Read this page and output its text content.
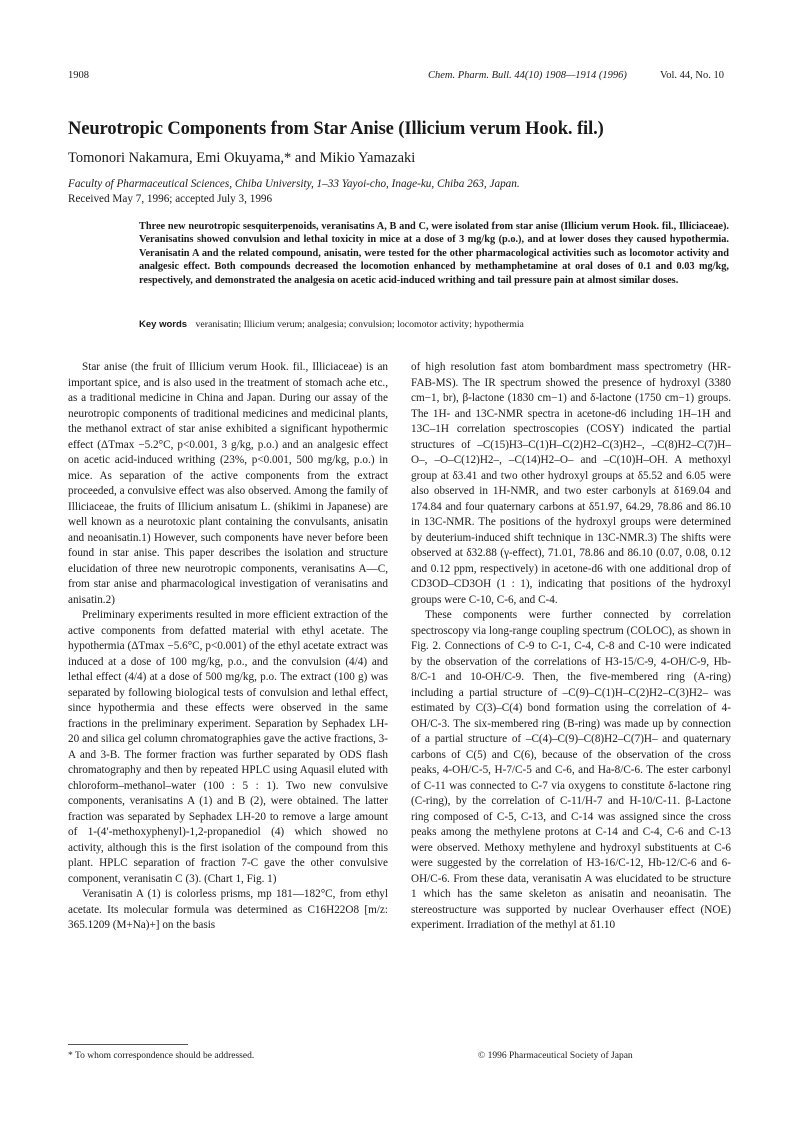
1908	Chem. Pharm. Bull. 44(10) 1908—1914 (1996)	Vol. 44, No. 10
Neurotropic Components from Star Anise (Illicium verum Hook. fil.)
Tomonori Nakamura, Emi Okuyama,* and Mikio Yamazaki
Faculty of Pharmaceutical Sciences, Chiba University, 1–33 Yayoi-cho, Inage-ku, Chiba 263, Japan.
Received May 7, 1996; accepted July 3, 1996
Three new neurotropic sesquiterpenoids, veranisatins A, B and C, were isolated from star anise (Illicium verum Hook. fil., Illiciaceae). Veranisatins showed convulsion and lethal toxicity in mice at a dose of 3 mg/kg (p.o.), and at lower doses they caused hypothermia. Veranisatin A and the related compound, anisatin, were tested for the other pharmacological activities such as locomotor activity and analgesic effect. Both compounds decreased the locomotion enhanced by methamphetamine at oral doses of 0.1 and 0.03 mg/kg, respectively, and demonstrated the analgesia on acetic acid-induced writhing and tail pressure pain at almost similar doses.
Key words veranisatin; Illicium verum; analgesia; convulsion; locomotor activity; hypothermia

Star anise (the fruit of Illicium verum Hook. fil., Illiciaceae) is an important spice, and is also used in the treatment of stomach ache etc., as a traditional medicine in China and Japan. During our assay of the neurotropic components of traditional medicines and medicinal plants, the methanol extract of star anise exhibited a significant hypothermic effect (ΔTmax −5.2°C, p<0.001, 3 g/kg, p.o.) and an analgesic effect on acetic acid-induced writhing (23%, p<0.001, 500 mg/kg, p.o.) in mice. As separation of the active components from the extract proceeded, a convulsive effect was also observed. Among the family of Illiciaceae, the fruits of Illicium anisatum L. (shikimi in Japanese) are well known as a neurotoxic plant containing the convulsants, anisatin and neoanisatin.1) However, such components have never before been found in star anise. This paper describes the isolation and structure elucidation of three new neurotropic components, veranisatins A—C, from star anise and pharmacological investigation of veranisatins and anisatin.2)

Preliminary experiments resulted in more efficient extraction of the active components from defatted material with ethyl acetate. The hypothermia (ΔTmax −5.6°C, p<0.001) of the ethyl acetate extract was induced at a dose of 100 mg/kg, p.o., and the convulsion (4/4) and lethal effect (4/4) at a dose of 500 mg/kg, p.o. The extract (100 g) was separated by following biological tests of convulsion and lethal effect, since hypothermia and these effects were observed in the same fractions in the preliminary experiment. Separation by Sephadex LH-20 and silica gel column chromatographies gave the active fractions, 3-A and 3-B. The former fraction was further separated by ODS flash chromatography and then by repeated HPLC using Aquasil eluted with chloroform–methanol–water (100 : 5 : 1). Two new convulsive components, veranisatins A (1) and B (2), were obtained. The latter fraction was separated by Sephadex LH-20 to remove a large amount of 1-(4′-methoxyphenyl)-1,2-propanediol (4) which showed no activity, although this is the first isolation of the compound from this plant. HPLC separation of fraction 7-C gave the other convulsive component, veranisatin C (3). (Chart 1, Fig. 1)

Veranisatin A (1) is colorless prisms, mp 181—182°C, from ethyl acetate. Its molecular formula was determined as C16H22O8 [m/z: 365.1209 (M+Na)+] on the basis

of high resolution fast atom bombardment mass spectrometry (HR-FAB-MS). The IR spectrum showed the presence of hydroxyl (3380 cm−1, br), β-lactone (1830 cm−1) and δ-lactone (1750 cm−1) groups. The 1H- and 13C-NMR spectra in acetone-d6 including 1H–1H and 13C–1H correlation spectroscopies (COSY) indicated the partial structures of –C(15)H3–C(1)H–C(2)H2–C(3)H2–, –C(8)H2–C(7)H–O–, –O–C(12)H2–, –C(14)H2–O– and –C(10)H–OH. A methoxyl group at δ3.41 and two other hydroxyl groups at δ5.52 and 6.05 were also observed in 1H-NMR, and two ester carbonyls at δ169.04 and 174.84 and four quaternary carbons at δ51.97, 64.29, 78.86 and 86.10 in 13C-NMR. The positions of the hydroxyl groups were determined by deuterium-induced shift technique in 13C-NMR.3) The shifts were observed at δ32.88 (γ-effect), 71.01, 78.86 and 86.10 (0.07, 0.08, 0.12 and 0.12 ppm, respectively) in acetone-d6 with one additional drop of CD3OD–CD3OH (1 : 1), indicating that positions of the hydroxyl groups were C-10, C-6, and C-4.

These components were further connected by correlation spectroscopy via long-range coupling spectrum (COLOC), as shown in Fig. 2. Connections of C-9 to C-1, C-4, C-8 and C-10 were indicated by the observation of the correlations of H3-15/C-9, 4-OH/C-9, Hb-8/C-1 and 10-OH/C-9. Then, the five-membered ring (A-ring) including a partial structure of –C(9)–C(1)H–C(2)H2–C(3)H2– was estimated by C(3)–C(4) bond formation using the correlation of 4-OH/C-3. The six-membered ring (B-ring) was made up by connection of a partial structure of –C(4)–C(9)–C(8)H2–C(7)H– and quaternary carbons of C(5) and C(6), because of the observation of the cross peaks, 4-OH/C-5, H-7/C-5 and C-6, and Ha-8/C-6. The ester carbonyl of C-11 was connected to C-7 via oxygens to constitute δ-lactone ring (C-ring), by the correlation of C-11/H-7 and H-10/C-11. β-Lactone ring composed of C-5, C-13, and C-14 was assigned since the cross peaks among the methylene protons at C-14 and C-4, C-6 and C-13 were observed. Methoxy methylene and hydroxyl substituents at C-6 were suggested by the correlation of H3-16/C-12, Hb-12/C-6 and 6-OH/C-6. From these data, veranisatin A was elucidated to be structure 1 which has the same skeleton as anisatin and neoanisatin. The stereostructure was supported by nuclear Overhauser effect (NOE) experiment. Irradiation of the methyl at δ1.10

* To whom correspondence should be addressed.	© 1996 Pharmaceutical Society of Japan
